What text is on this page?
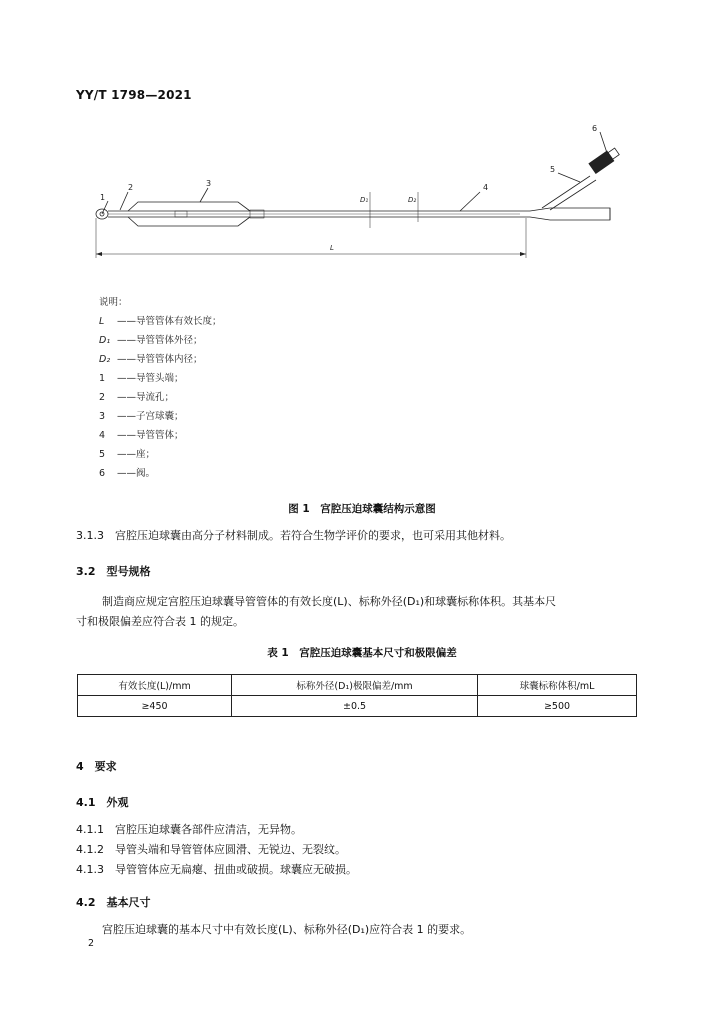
YY/T 1798—2021
1
2	3	4
5
6
D₁	D₂
L
说明：
L ——导管管体有效长度；
D₁ ——导管管体外径；
D₂ ——导管管体内径；
1 ——导管头端；
2 ——导流孔；
3 ——子宫球囊；
4 ——导管管体；
5 ——座；
6 ——阀。
图 1　宫腔压迫球囊结构示意图
3.1.3　 宫腔压迫球囊由高分子材料制成。若符合生物学评价的要求，也可采用其他材料。
3.2　 型号规格
制造商应规定宫腔压迫球囊导管管体的有效长度(L)、标称外径(D₁)和球囊标称体积。其基本尺
寸和极限偏差应符合表 1 的规定。
表 1　宫腔压迫球囊基本尺寸和极限偏差
有效长度(L)/mm	标称外径(D₁)极限偏差/mm	球囊标称体积/mL
≥450	±0.5	≥500
4　 要求
4.1　 外观
4.1.1　 宫腔压迫球囊各部件应清洁，无异物。
4.1.2　 导管头端和导管管体应圆滑、无锐边、无裂纹。
4.1.3　 导管管体应无扁瘪、扭曲或破损。球囊应无破损。
4.2　 基本尺寸
宫腔压迫球囊的基本尺寸中有效长度(L)、标称外径(D₁)应符合表 1 的要求。
2
